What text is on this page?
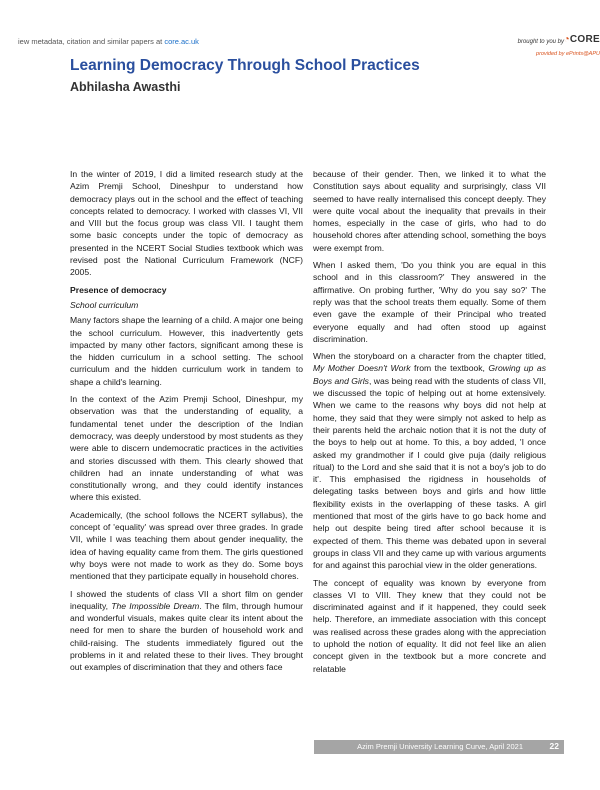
iew metadata, citation and similar papers at core.ac.uk	brought to you by ◔CORE
provided by ePrints@APU
Learning Democracy Through School Practices
Abhilasha Awasthi

In the winter of 2019, I did a limited research study at the Azim Premji School, Dineshpur to understand how democracy plays out in the school and the effect of teaching concepts related to democracy. I worked with classes VI, VII and VIII but the focus group was class VII. I taught them some basic concepts under the topic of democracy as presented in the NCERT Social Studies textbook which was revised post the National Curriculum Framework (NCF) 2005.

Presence of democracy
School curriculum

Many factors shape the learning of a child. A major one being the school curriculum. However, this inadvertently gets impacted by many other factors, significant among these is the hidden curriculum in a school setting. The school curriculum and the hidden curriculum work in tandem to shape a child's learning.

In the context of the Azim Premji School, Dineshpur, my observation was that the understanding of equality, a fundamental tenet under the description of the Indian democracy, was deeply understood by most students as they were able to discern undemocratic practices in the activities and stories discussed with them. This clearly showed that children had an innate understanding of what was constitutionally wrong, and they could identify instances where this existed.

Academically, (the school follows the NCERT syllabus), the concept of 'equality' was spread over three grades. In grade VII, while I was teaching them about gender inequality, the idea of having equality came from them. The girls questioned why boys were not made to work as they do. Some boys mentioned that they participate equally in household chores.

I showed the students of class VII a short film on gender inequality, The Impossible Dream. The film, through humour and wonderful visuals, makes quite clear its intent about the need for men to share the burden of household work and child-raising. The students immediately figured out the problems in it and related these to their lives. They brought out examples of discrimination that they and others face

because of their gender. Then, we linked it to what the Constitution says about equality and surprisingly, class VII seemed to have really internalised this concept deeply. They were quite vocal about the inequality that prevails in their homes, especially in the case of girls, who had to do household chores after attending school, something the boys were exempt from.

When I asked them, 'Do you think you are equal in this school and in this classroom?' They answered in the affirmative. On probing further, 'Why do you say so?' The reply was that the school treats them equally. Some of them even gave the example of their Principal who treated everyone equally and had often stood up against discrimination.

When the storyboard on a character from the chapter titled, My Mother Doesn't Work from the textbook, Growing up as Boys and Girls, was being read with the students of class VII, we discussed the topic of helping out at home extensively. When we came to the reasons why boys did not help at home, they said that they were simply not asked to help as their parents held the archaic notion that it is not the duty of the boys to help out at home. To this, a boy added, 'I once asked my grandmother if I could give puja (daily religious ritual) to the Lord and she said that it is not a boy's job to do it'. This emphasised the rigidness in households of delegating tasks between boys and girls and how little flexibility exists in the overlapping of these tasks. A girl mentioned that most of the girls have to go back home and help out despite being tired after school because it is expected of them. This theme was debated upon in several groups in class VII and they came up with various arguments for and against this parochial view in the older generations.

The concept of equality was known by everyone from classes VI to VIII. They knew that they could not be discriminated against and if it happened, they could seek help. Therefore, an immediate association with this concept was realised across these grades along with the appreciation to uphold the notion of equality. It did not feel like an alien concept given in the textbook but a more concrete and relatable

Azim Premji University Learning Curve, April 2021	22
